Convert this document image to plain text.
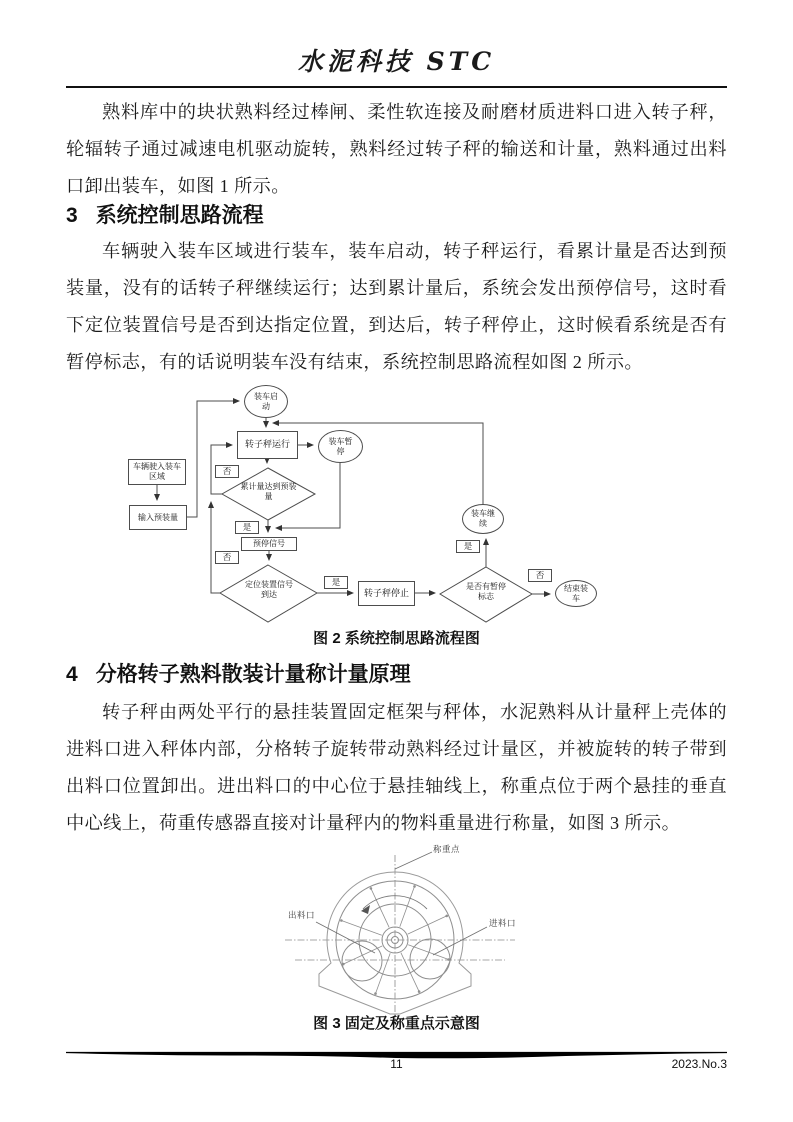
水泥科技 STC
熟料库中的块状熟料经过棒闸、柔性软连接及耐磨材质进料口进入转子秤，轮辐转子通过减速电机驱动旋转，熟料经过转子秤的输送和计量，熟料通过出料口卸出装车，如图 1 所示。
3 系统控制思路流程
车辆驶入装车区域进行装车，装车启动，转子秤运行，看累计量是否达到预装量，没有的话转子秤继续运行；达到累计量后，系统会发出预停信号，这时看下定位装置信号是否到达指定位置，到达后，转子秤停止，这时候看系统是否有暂停标志，有的话说明装车没有结束，系统控制思路流程如图 2 所示。
车辆驶入装车区域
输入预装量
装车启动
转子秤运行	装车暂停
累计量达到预装量
预停信号
定位装置信号到达	转子秤停止
是否有暂停标志
装车继续
结束装车
否
是
否
是
是
否
图 2 系统控制思路流程图
4 分格转子熟料散装计量称计量原理
转子秤由两处平行的悬挂装置固定框架与秤体，水泥熟料从计量秤上壳体的进料口进入秤体内部，分格转子旋转带动熟料经过计量区，并被旋转的转子带到出料口位置卸出。进出料口的中心位于悬挂轴线上，称重点位于两个悬挂的垂直中心线上，荷重传感器直接对计量秤内的物料重量进行称量，如图 3 所示。
称重点
出料口
进料口
图 3 固定及称重点示意图
11	2023.No.3
